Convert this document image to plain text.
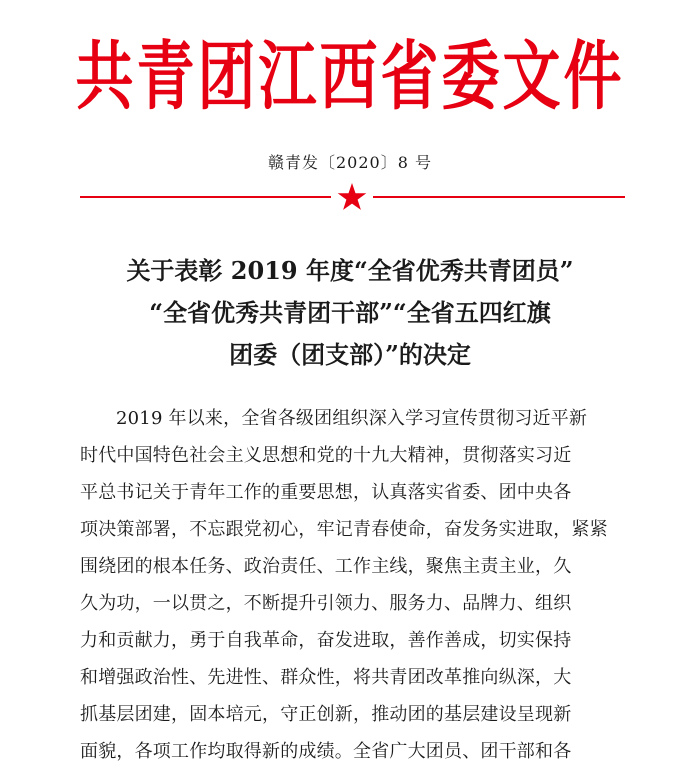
共青团江西省委文件
赣青发〔2020〕8 号
关于表彰 2019 年度“全省优秀共青团员”
“全省优秀共青团干部”“全省五四红旗
团委（团支部）”的决定
2019 年以来，全省各级团组织深入学习宣传贯彻习近平新
时代中国特色社会主义思想和党的十九大精神，贯彻落实习近
平总书记关于青年工作的重要思想，认真落实省委、团中央各
项决策部署，不忘跟党初心，牢记青春使命，奋发务实进取，紧紧
围绕团的根本任务、政治责任、工作主线，聚焦主责主业，久
久为功，一以贯之，不断提升引领力、服务力、品牌力、组织
力和贡献力，勇于自我革命，奋发进取，善作善成，切实保持
和增强政治性、先进性、群众性，将共青团改革推向纵深，大
抓基层团建，固本培元，守正创新，推动团的基层建设呈现新
面貌，各项工作均取得新的成绩。全省广大团员、团干部和各
